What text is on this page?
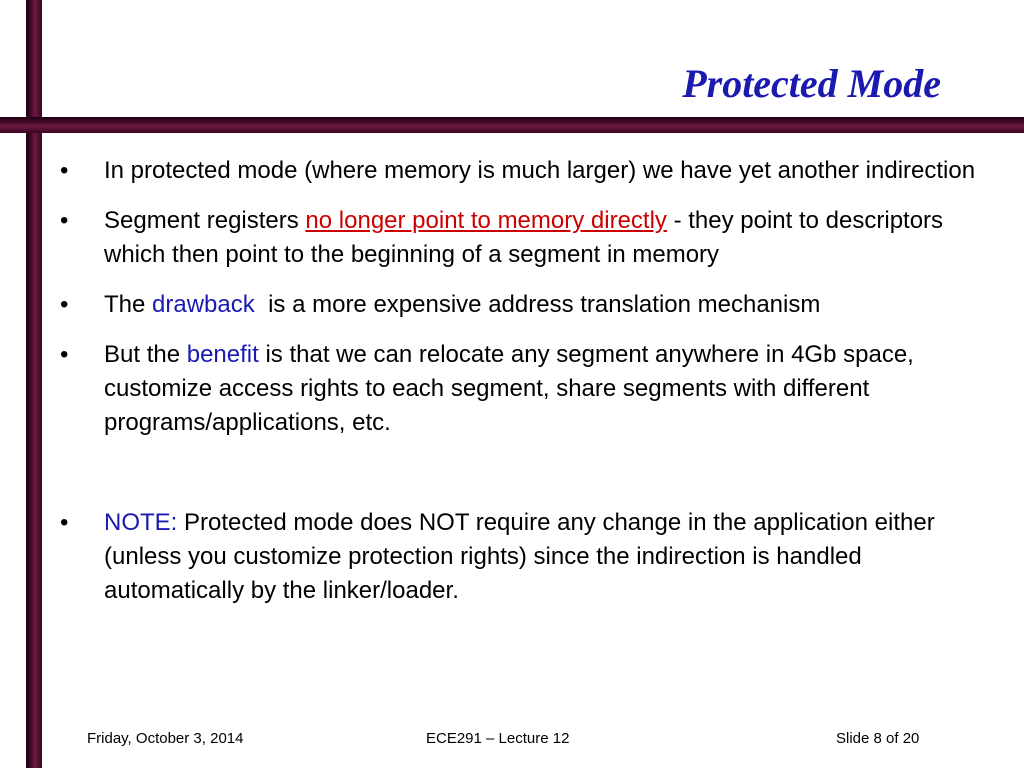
Protected Mode
• In protected mode (where memory is much larger) we have yet another indirection
• Segment registers no longer point to memory directly - they point to descriptors which then point to the beginning of a segment in memory
• The drawback  is a more expensive address translation mechanism
• But the benefit is that we can relocate any segment anywhere in 4Gb space, customize access rights to each segment, share segments with different programs/applications, etc.
• NOTE: Protected mode does NOT require any change in the application either (unless you customize protection rights) since the indirection is handled automatically by the linker/loader.
Friday, October 3, 2014	ECE291 – Lecture 12	Slide 8 of 20
